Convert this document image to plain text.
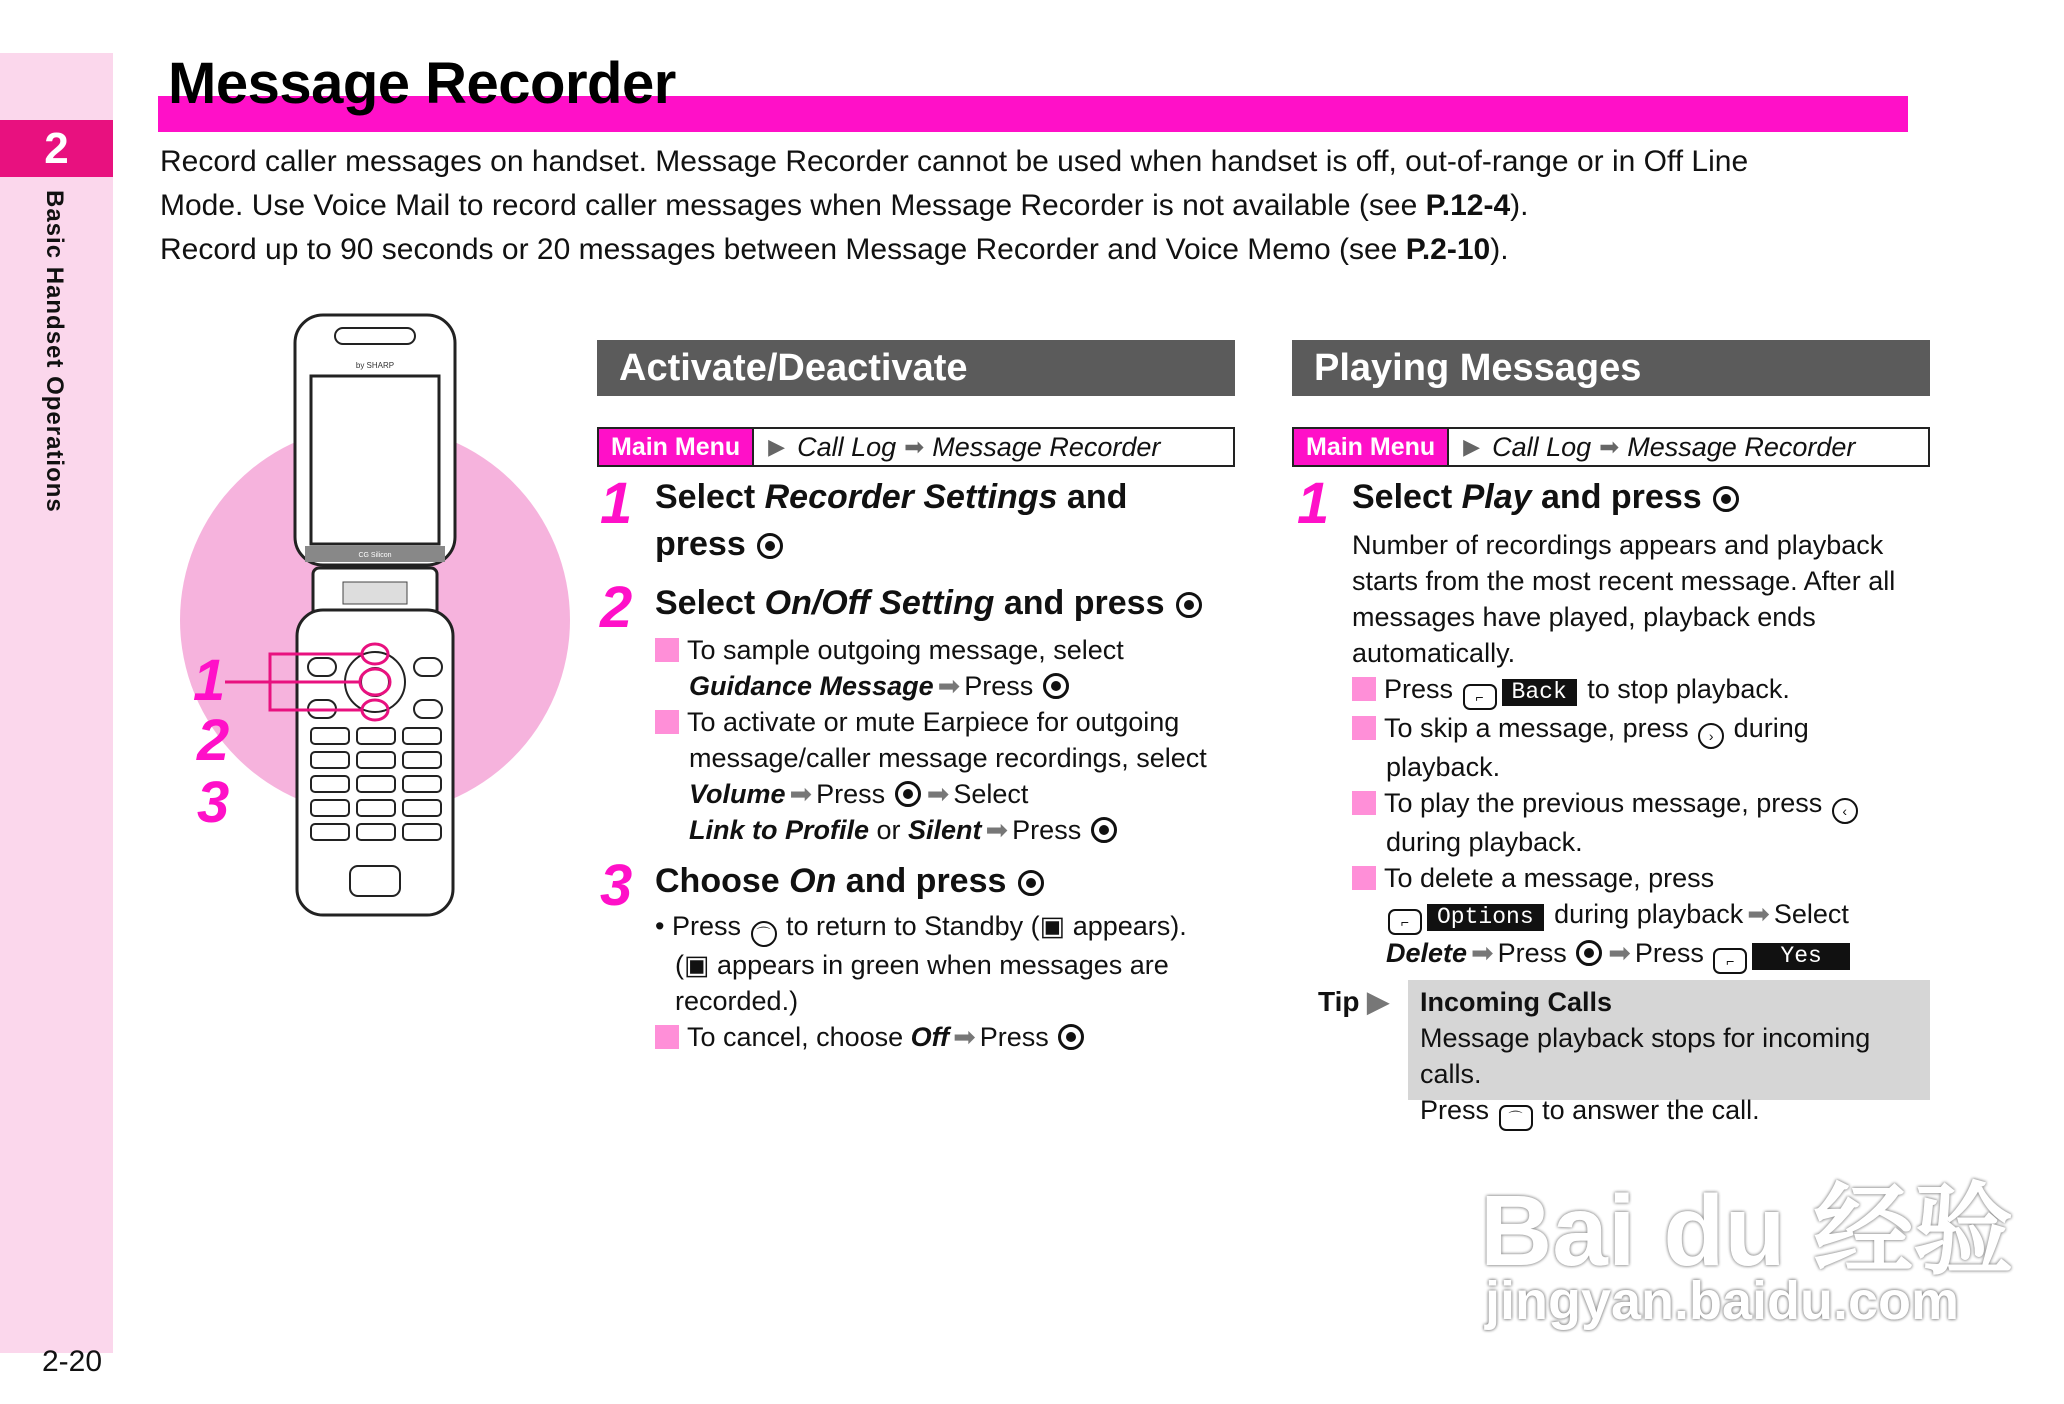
2
Basic Handset Operations
2-20
Message Recorder

Record caller messages on handset. Message Recorder cannot be used when handset is off, out-of-range or in Off Line

Mode. Use Voice Mail to record caller messages when Message Recorder is not available (see P.12-4).

Record up to 90 seconds or 20 messages between Message Recorder and Voice Memo (see P.2-10).

by SHARP
CG Silicon
1
2
3
Activate/Deactivate
Main Menu	▶ Call Log ➡ Message Recorder
1 Select Recorder Settings and
press
2 Select On/Off Setting and press
To sample outgoing message, select
Guidance Message ➡ Press
To activate or mute Earpiece for outgoing
message/caller message recordings, select
Volume ➡ Press ➡ Select
Link to Profile or Silent ➡ Press
3 Choose On and press
• Press ⌒ to return to Standby (▣ appears).
(▣ appears in green when messages are
recorded.)
To cancel, choose Off ➡ Press
Playing Messages
Main Menu	▶ Call Log ➡ Message Recorder
1 Select Play and press
Number of recordings appears and playback
starts from the most recent message. After all
messages have played, playback ends
automatically.
Press ⌐ Back to stop playback.
To skip a message, press › during
playback.
To play the previous message, press ‹
during playback.
To delete a message, press
⌐ Options during playback ➡ Select
Delete ➡ Press ➡ Press ⌐ Yes
Tip ▶ Incoming Calls
Message playback stops for incoming calls.
Press ⌒ to answer the call.
Bai du 经验
jingyan.baidu.com
